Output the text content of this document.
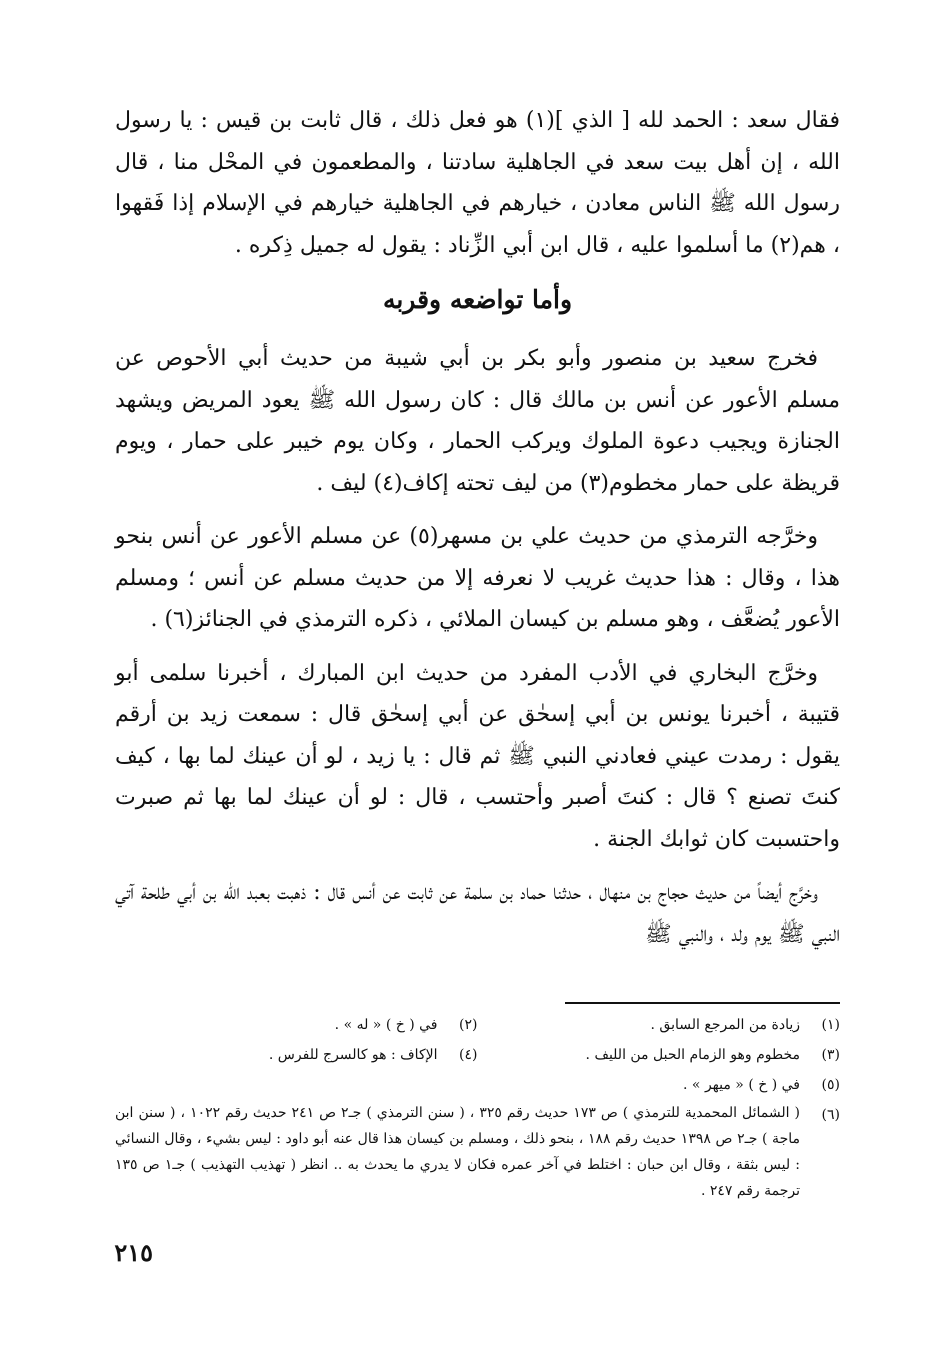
فقال سعد : الحمد لله [ الذي ](١) هو فعل ذلك ، قال ثابت بن قيس : يا رسول الله ، إن أهل بيت سعد في الجاهلية سادتنا ، والمطعمون في المحْل منا ، قال رسول الله ﷺ الناس معادن ، خيارهم في الجاهلية خيارهم في الإسلام إذا فَقهوا ، هم(٢) ما أسلموا عليه ، قال ابن أبي الزِّناد : يقول له جميل ذِكره .

وأما تواضعه وقربه

فخرج سعيد بن منصور وأبو بكر بن أبي شيبة من حديث أبي الأحوص عن مسلم الأعور عن أنس بن مالك قال : كان رسول الله ﷺ يعود المريض ويشهد الجنازة ويجيب دعوة الملوك ويركب الحمار ، وكان يوم خيبر على حمار ، ويوم قريظة على حمار مخطوم(٣) من ليف تحته إكاف(٤) ليف .

وخرَّجه الترمذي من حديث علي بن مسهر(٥) عن مسلم الأعور عن أنس بنحو هذا ، وقال : هذا حديث غريب لا نعرفه إلا من حديث مسلم عن أنس ؛ ومسلم الأعور يُضعَّف ، وهو مسلم بن كيسان الملائي ، ذكره الترمذي في الجنائز(٦) .

وخرَّج البخاري في الأدب المفرد من حديث ابن المبارك ، أخبرنا سلمى أبو قتيبة ، أخبرنا يونس بن أبي إسحٰق عن أبي إسحٰق قال : سمعت زيد بن أرقم يقول : رمدت عيني فعادني النبي ﷺ ثم قال : يا زيد ، لو أن عينك لما بها ، كيف كنتَ تصنع ؟ قال : كنتَ أصبر وأحتسب ، قال : لو أن عينك لما بها ثم صبرت واحتسبت كان ثوابك الجنة .

وخرَّج أيضاً من حديث حجاج بن منهال ، حدثنا حماد بن سلمة عن ثابت عن أنس قال : ذهبت بعبد الله بن أبي طلحة آتي النبي ﷺ يوم ولد ، والنبي ﷺ

(١)
زيادة من المرجع السابق .
(٢)
في ( خ ) « له » .
(٣)
مخطوم وهو الزمام الحبل من الليف .
(٤)
الإكاف : هو كالسرج للفرس .
(٥)
في ( خ ) « ميهر » .
(٦)
( الشمائل المحمدية للترمذي ) ص ١٧٣ حديث رقم ٣٢٥ ، ( سنن الترمذي ) جـ٢ ص ٢٤١ حديث رقم ١٠٢٢ ، ( سنن ابن ماجة ) جـ٢ ص ١٣٩٨ حديث رقم ١٨٨ ، بنحو ذلك ، ومسلم بن كيسان هذا قال عنه أبو داود : ليس بشيء ، وقال النسائي : ليس بثقة ، وقال ابن حبان : اختلط في آخر عمره فكان لا يدري ما يحدث به .. انظر ( تهذيب التهذيب ) جـ١ ص ١٣٥ ترجمة رقم ٢٤٧ .
٢١٥
